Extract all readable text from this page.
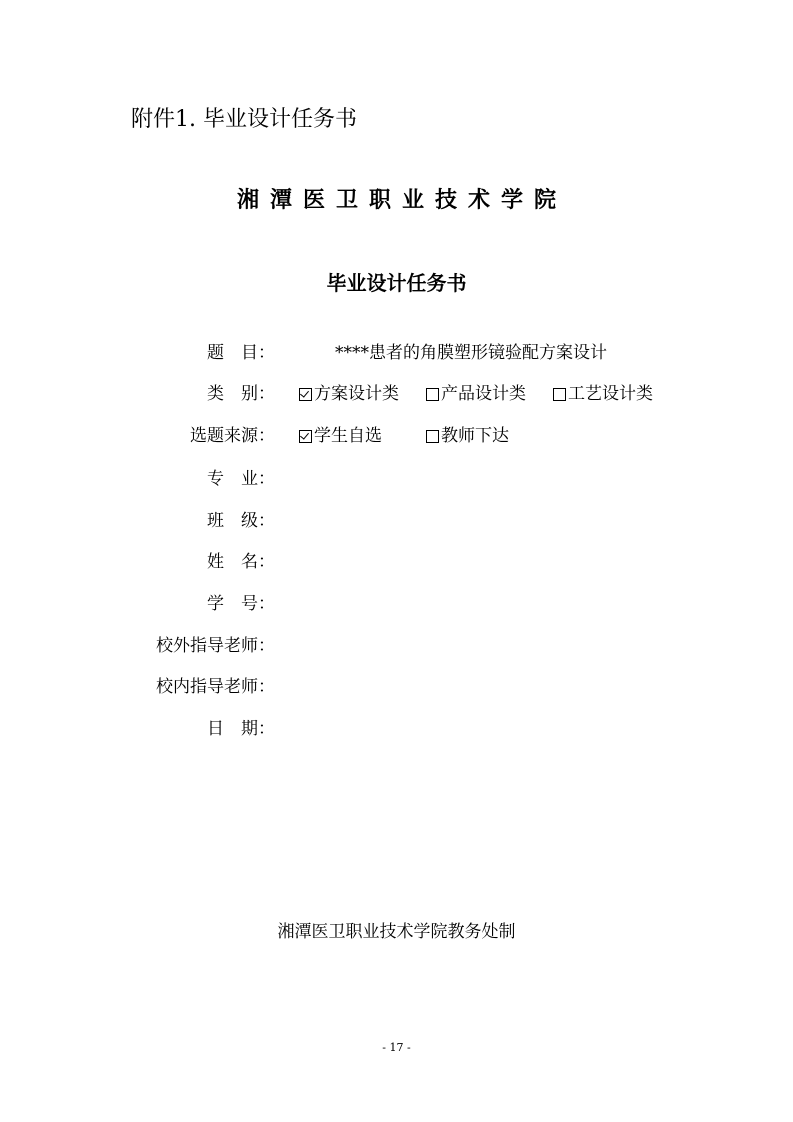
附件1. 毕业设计任务书
湘潭医卫职业技术学院
毕业设计任务书
题　目：	****患者的角膜塑形镜验配方案设计
类　别： 方案设计类 产品设计类 工艺设计类
选题来源： 学生自选	教师下达
专　业：
班　级：
姓　名：
学　号：
校外指导老师：
校内指导老师：
日　期：
湘潭医卫职业技术学院教务处制
- 17 -
